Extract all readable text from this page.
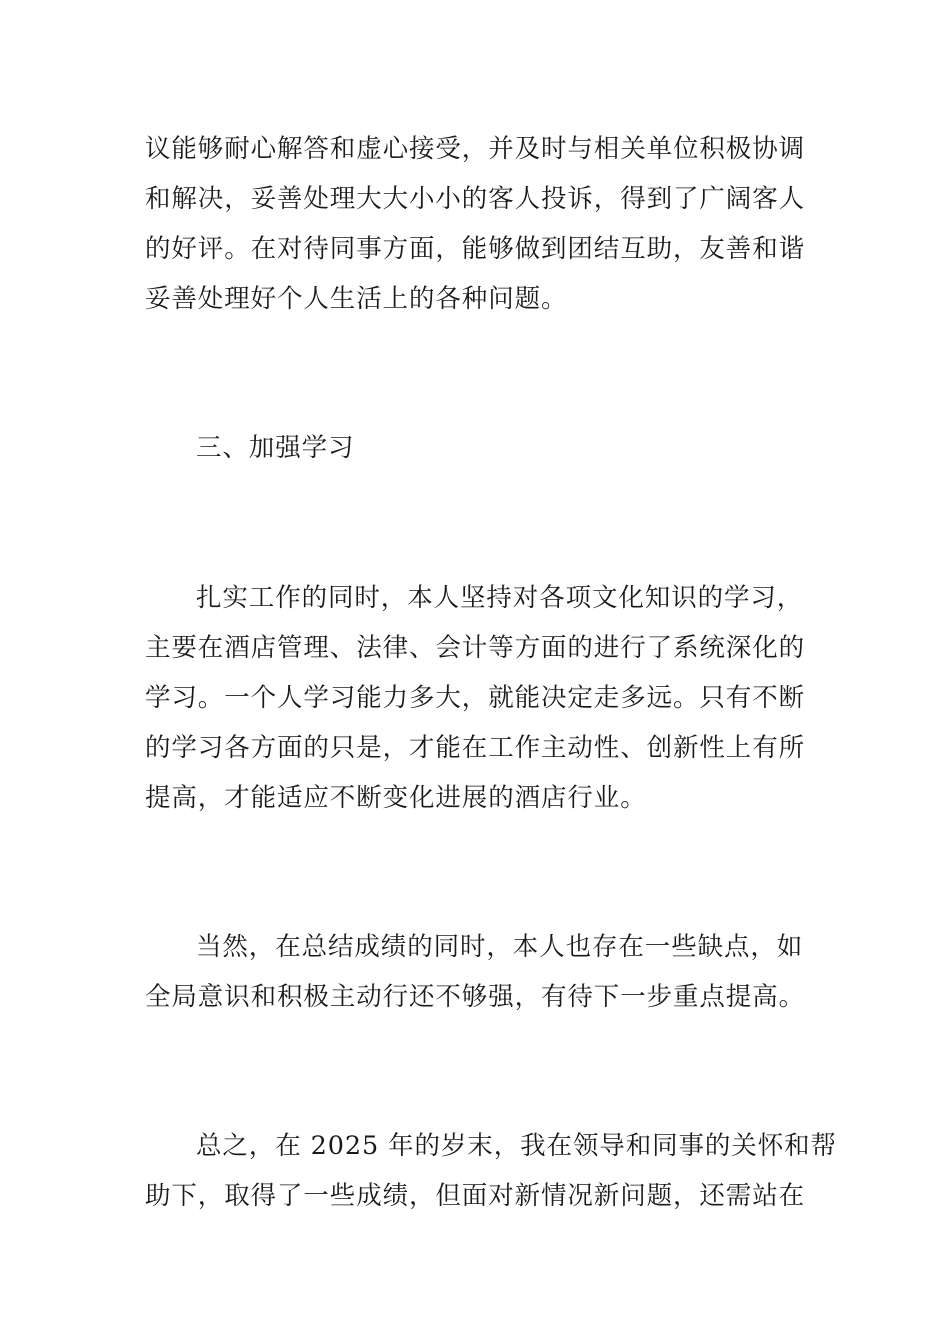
议能够耐心解答和虚心接受，并及时与相关单位积极协调
和解决，妥善处理大大小小的客人投诉，得到了广阔客人
的好评。在对待同事方面，能够做到团结互助，友善和谐
妥善处理好个人生活上的各种问题。
三、加强学习
扎实工作的同时，本人坚持对各项文化知识的学习，
主要在酒店管理、法律、会计等方面的进行了系统深化的
学习。一个人学习能力多大，就能决定走多远。只有不断
的学习各方面的只是，才能在工作主动性、创新性上有所
提高，才能适应不断变化进展的酒店行业。
当然，在总结成绩的同时，本人也存在一些缺点，如
全局意识和积极主动行还不够强，有待下一步重点提高。
总之，在 2025 年的岁末，我在领导和同事的关怀和帮
助下，取得了一些成绩，但面对新情况新问题，还需站在
